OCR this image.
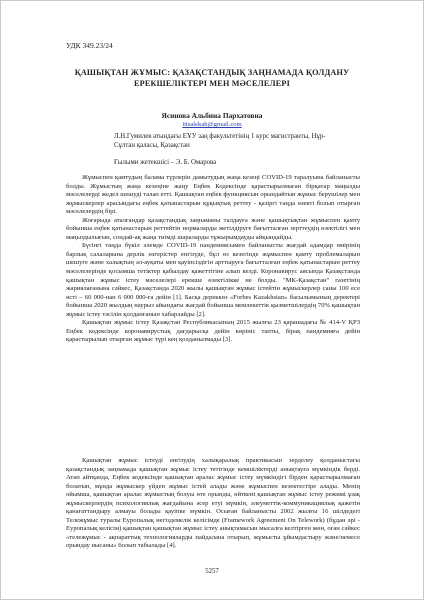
УДК 349.23/24
ҚАШЫҚТАН ЖҰМЫС: ҚАЗАҚСТАНДЫҚ ЗАҢНАМАДА ҚОЛДАНУ
ЕРЕКШЕЛІКТЕРІ МЕН МӘСЕЛЕЛЕРІ
Ясинова Альбина Пархатовна
iitsalekah@gmail.com
Л.Н.Гумилев атындағы ЕҰУ заң факультетінің 1 курс магистранты, Нұр-Сұлтан қаласы, Қазақстан
Ғылыми жетекшісі – Э. Б. Омарова

Жұмыспен қамтудың балама түрлерін дамытудың жаңа кезеңі COVID-19 таралуына байланысты болды. Жұмыстың жаңа кезеңіне жаңу Еңбек Кодексінде қарастырылмаған бірқатар маңызды мәселелерді жедел шешуді талап етті. Қашықтан еңбек функциясын орындайтын жұмыс берушілер мен жұмыскерлер арасындағы еңбек қатынастарын құқықтық реттеу - қазіргі таңда өзекті болып отырған мәселелердің бірі.

Жоғарыда аталғандар қазақстандық заңнаманы талдауға және қашықтықтан жұмыспен қамту бойынша еңбек қатынастарын реттейтін нормаларды жетілдіруге бағытталған зерттеудің өзектілігі мен маңыздылығын, сондай-ақ жаңа тиімді шараларды тұжырымдауды айқындайды.

Бүгінгі таңда бүкіл әлемде COVID-19 пандемиясымен байланысты жағдай адамдар өмірінің барлық салаларына дерлік өзгерістер енгізуде, бұл өз кезегінде жұмыспен қамту проблемаларын шешуге және халықтың әл-ауқаты мен қауіпсіздігін арттыруға бағытталған еңбек қатынастарын реттеу мәселелерінде қосымша тетіктер қабылдау қажеттігіне алып келді. Коронавирус аясында Қазақстанда қашықтан жұмыс істеу мәселелері ерекше өзектілікке не болды. "МК-Қазақстан" газетінің жариялағанына сәйкес, Қазақстанда 2020 жылы қашықтан жұмыс істейтін жұмыскерлер саны 100 есе өсті – 60 000-нан 6 000 000-ға дейін [1]. Басқа дереккөз «Forbes Kazakhstan» басылымының деректері бойынша 2020 жылдың наурыз айындағы жағдай бойынша мемлекеттік қызметшілердің 70% қашықтан жұмыс істеу тәсілін қолданғанын хабарлайды [2].

Қашықтан жұмыс істеу Қазақстан Республикасының 2015 жылғы 23 қарашадағы № 414-V ҚРЗ Еңбек кодексінде коронавирустық дағдарысқа дейін көрініс тапты, бірақ пандемияға дейін қарастырылып отырған жұмыс түрі кең қолданылмады [3].

Қашықтан жұмыс істеуді енгізудің халықаралық практикасын зерделеу қолданыстағы қазақстандық заңнамада қашықтан жұмыс істеу тетігінде кемшіліктерді анықтауға мүмкіндік берді. Атап айтқанда, Еңбек кодексінде қашықтан аралас жұмыс істеу мүмкіндігі бірден қарастырылмаған болатын, мұнда жұмыскер үйден жұмыс істей алады және жұмыспен кезектестіре алады. Менің ойымша, қашықтан аралас жұмыстың болуы өте орынды, өйткені қашықтан жұмыс істеу режимі ұзақ жұмыскерлердің психологиялық жағдайына әсер етуі мүмкін, әлеуметтік-коммуникациялық қажетін қанағаттандыру алмауы болады қауіпке мүмкін. Осыған байланысты 2002 жылғы 16 шілдедегі Тележұмыс туралы Еуропалық негіздемелік келісімде (Framework Agreement On Telework) (бұдан әрі - Еуропалық келісім) қашықтан қашықтан жұмыс істеу анықтамасын мысалға келтірген жөн, оған сәйкес «тележұмыс - ақпараттық технологияларды пайдалана отырып, жұмысты ұйымдастыру және/немесе орындау нысаны» болып табылады [4].

5257
